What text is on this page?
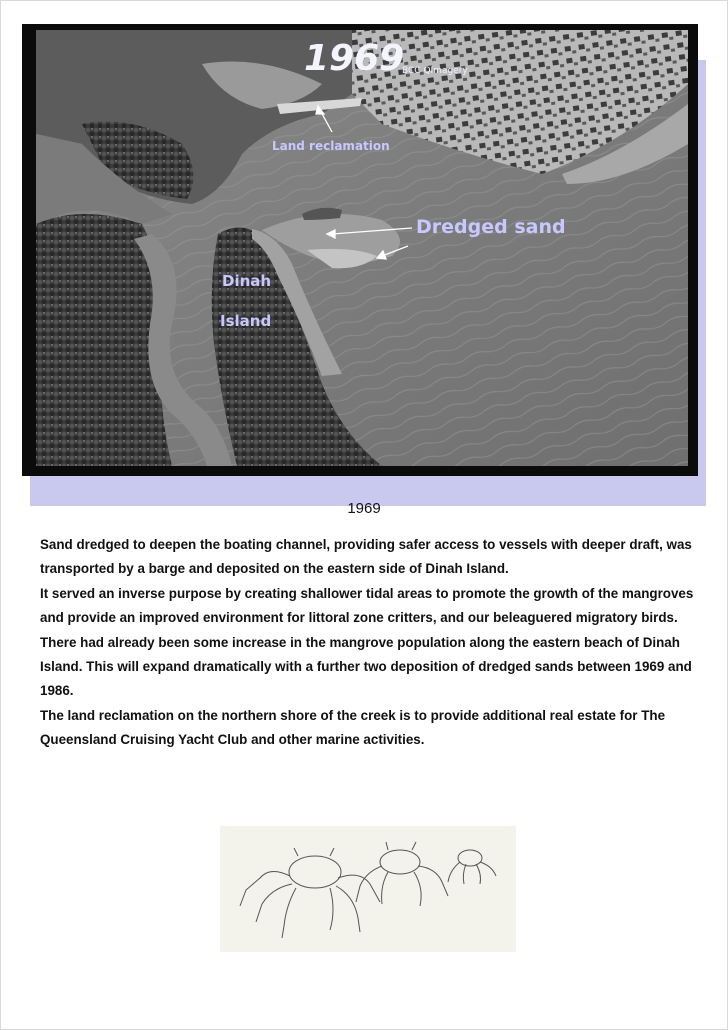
1969
BCC QImagery
Land reclamation
Dredged sand
Dinah
Island
1969

Sand dredged to deepen the boating channel, providing safer access to vessels with deeper draft, was transported by a barge and deposited on the eastern side of Dinah Island.

It served an inverse purpose by creating shallower tidal areas to promote the growth of the mangroves and provide an improved environment for littoral zone critters, and our beleaguered migratory birds.

There had already been some increase in the mangrove population along the eastern beach of Dinah Island. This will expand dramatically with a further two deposition of dredged sands between 1969 and 1986.

The land reclamation on the northern shore of the creek is to provide additional real estate for The Queensland Cruising Yacht Club and other marine activities.
